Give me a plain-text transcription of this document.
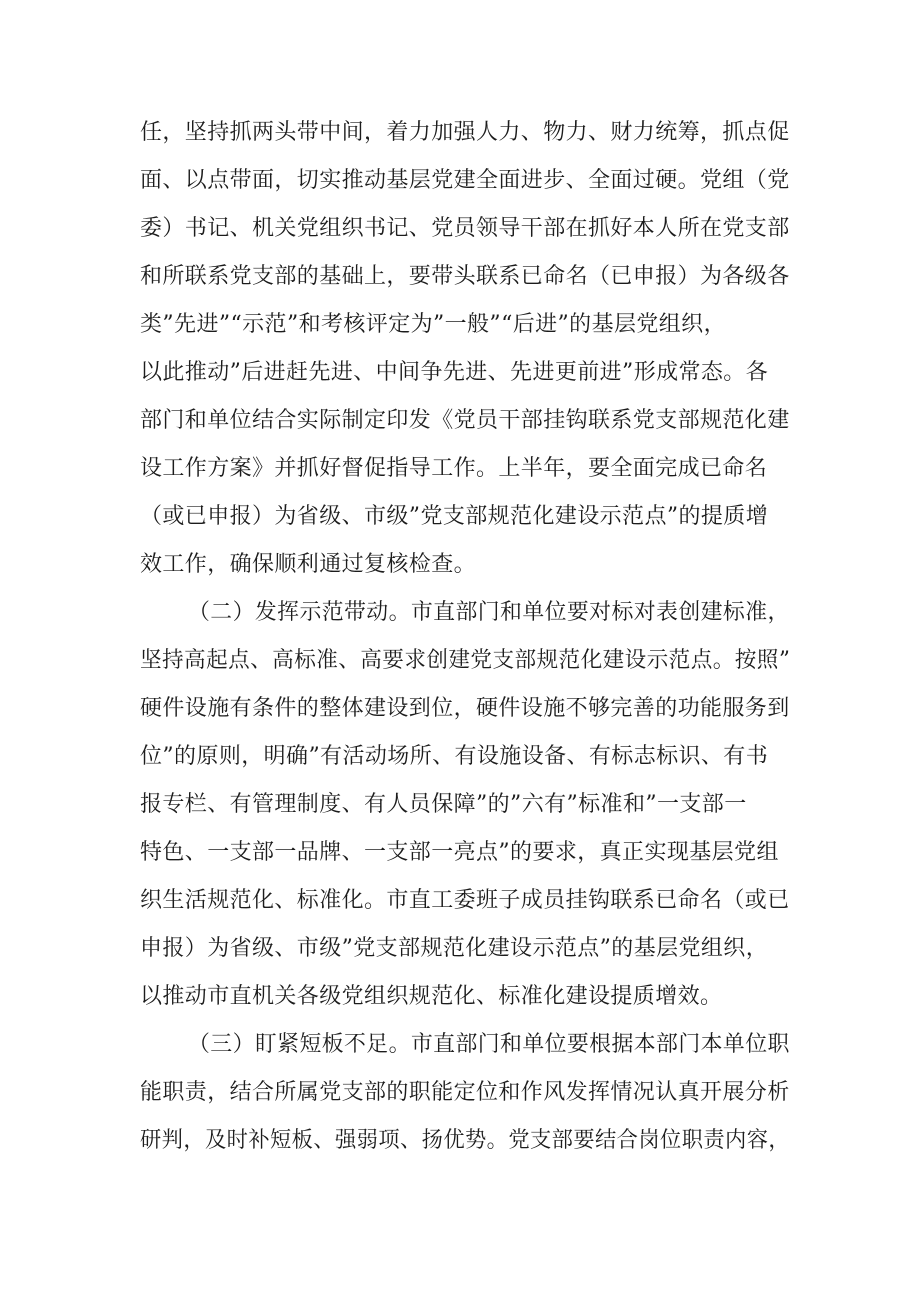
任，坚持抓两头带中间，着力加强人力、物力、财力统筹，抓点促
面、以点带面，切实推动基层党建全面进步、全面过硬。党组（党
委）书记、机关党组织书记、党员领导干部在抓好本人所在党支部
和所联系党支部的基础上，要带头联系已命名（已申报）为各级各
类”先进”“示范”和考核评定为”一般”“后进”的基层党组织，
以此推动”后进赶先进、中间争先进、先进更前进”形成常态。各
部门和单位结合实际制定印发《党员干部挂钩联系党支部规范化建
设工作方案》并抓好督促指导工作。上半年，要全面完成已命名
（或已申报）为省级、市级”党支部规范化建设示范点”的提质增
效工作，确保顺利通过复核检查。
（二）发挥示范带动。市直部门和单位要对标对表创建标准，
坚持高起点、高标准、高要求创建党支部规范化建设示范点。按照”
硬件设施有条件的整体建设到位，硬件设施不够完善的功能服务到
位”的原则，明确”有活动场所、有设施设备、有标志标识、有书
报专栏、有管理制度、有人员保障”的”六有”标准和”一支部一
特色、一支部一品牌、一支部一亮点”的要求，真正实现基层党组
织生活规范化、标准化。市直工委班子成员挂钩联系已命名（或已
申报）为省级、市级”党支部规范化建设示范点”的基层党组织，
以推动市直机关各级党组织规范化、标准化建设提质增效。
（三）盯紧短板不足。市直部门和单位要根据本部门本单位职
能职责，结合所属党支部的职能定位和作风发挥情况认真开展分析
研判，及时补短板、强弱项、扬优势。党支部要结合岗位职责内容，
